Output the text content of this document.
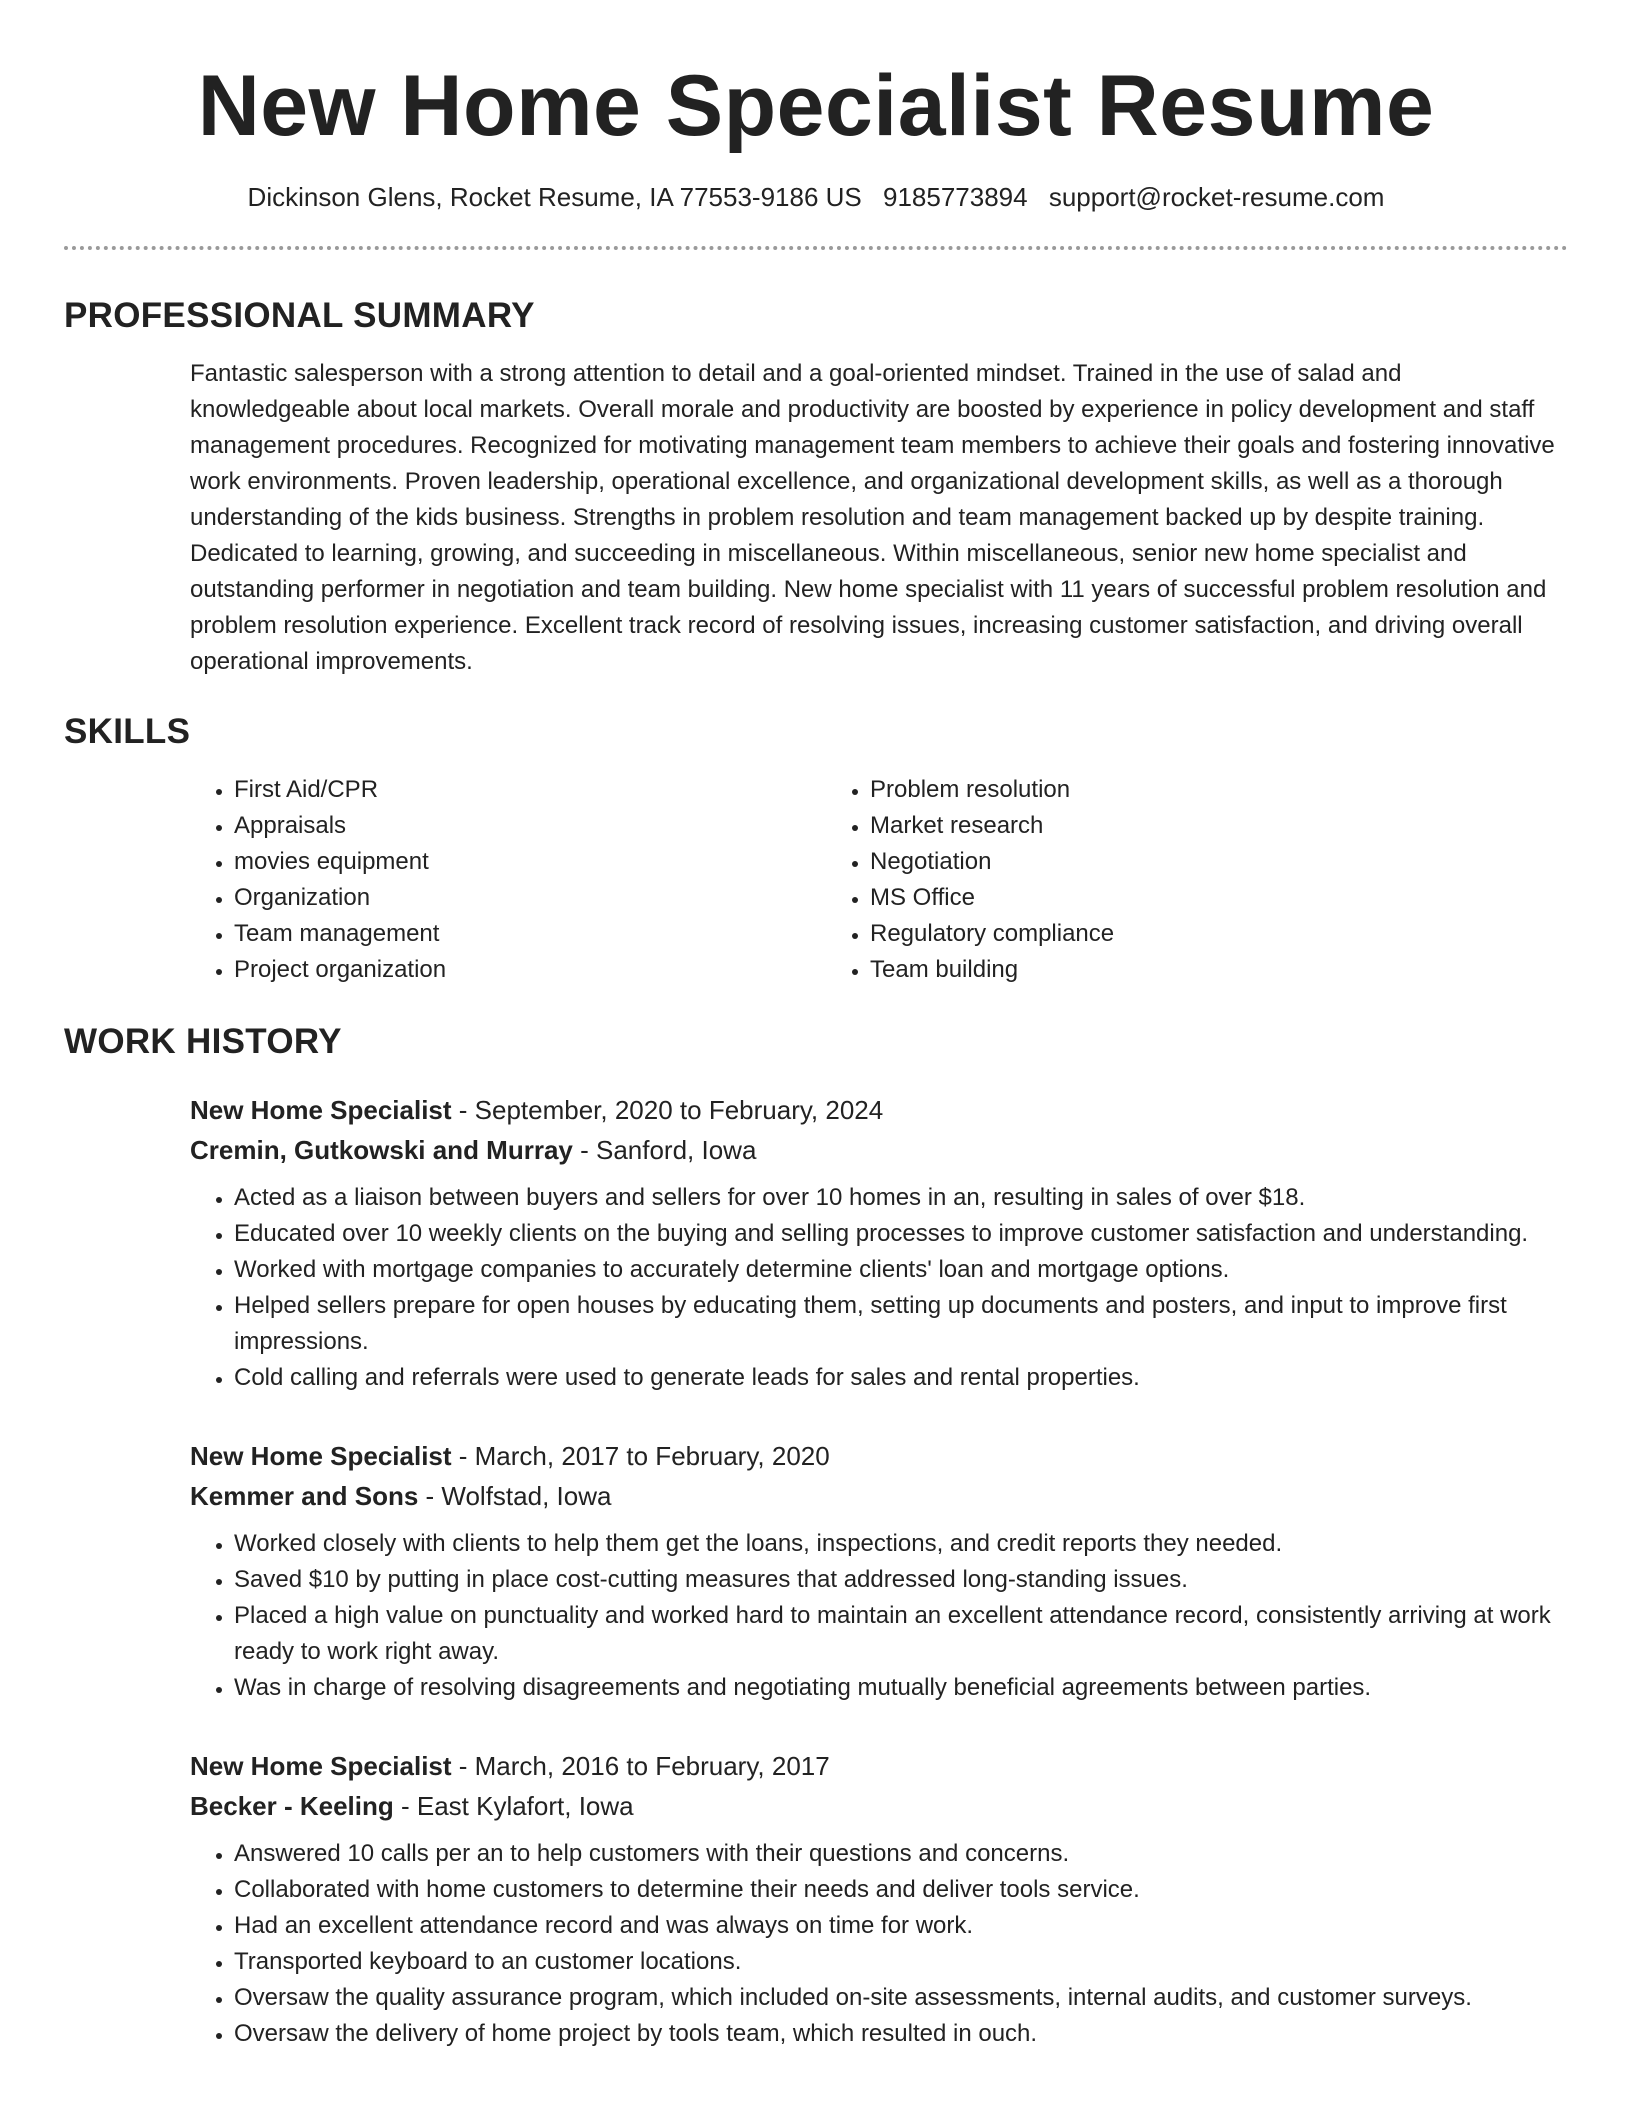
New Home Specialist Resume
Dickinson Glens, Rocket Resume, IA 77553-9186 US 9185773894 support@rocket-resume.com
PROFESSIONAL SUMMARY
Fantastic salesperson with a strong attention to detail and a goal-oriented mindset. Trained in the use of salad and knowledgeable about local markets. Overall morale and productivity are boosted by experience in policy development and staff management procedures. Recognized for motivating management team members to achieve their goals and fostering innovative work environments. Proven leadership, operational excellence, and organizational development skills, as well as a thorough understanding of the kids business. Strengths in problem resolution and team management backed up by despite training. Dedicated to learning, growing, and succeeding in miscellaneous. Within miscellaneous, senior new home specialist and outstanding performer in negotiation and team building. New home specialist with 11 years of successful problem resolution and problem resolution experience. Excellent track record of resolving issues, increasing customer satisfaction, and driving overall operational improvements.
SKILLS
• First Aid/CPR
• Appraisals
• movies equipment
• Organization
• Team management
• Project organization
• Problem resolution
• Market research
• Negotiation
• MS Office
• Regulatory compliance
• Team building
WORK HISTORY
New Home Specialist - September, 2020 to February, 2024
Cremin, Gutkowski and Murray - Sanford, Iowa
• Acted as a liaison between buyers and sellers for over 10 homes in an, resulting in sales of over $18.
• Educated over 10 weekly clients on the buying and selling processes to improve customer satisfaction and understanding.
• Worked with mortgage companies to accurately determine clients' loan and mortgage options.
• Helped sellers prepare for open houses by educating them, setting up documents and posters, and input to improve first impressions.
• Cold calling and referrals were used to generate leads for sales and rental properties.
New Home Specialist - March, 2017 to February, 2020
Kemmer and Sons - Wolfstad, Iowa
• Worked closely with clients to help them get the loans, inspections, and credit reports they needed.
• Saved $10 by putting in place cost-cutting measures that addressed long-standing issues.
• Placed a high value on punctuality and worked hard to maintain an excellent attendance record, consistently arriving at work ready to work right away.
• Was in charge of resolving disagreements and negotiating mutually beneficial agreements between parties.
New Home Specialist - March, 2016 to February, 2017
Becker - Keeling - East Kylafort, Iowa
• Answered 10 calls per an to help customers with their questions and concerns.
• Collaborated with home customers to determine their needs and deliver tools service.
• Had an excellent attendance record and was always on time for work.
• Transported keyboard to an customer locations.
• Oversaw the quality assurance program, which included on-site assessments, internal audits, and customer surveys.
• Oversaw the delivery of home project by tools team, which resulted in ouch.
